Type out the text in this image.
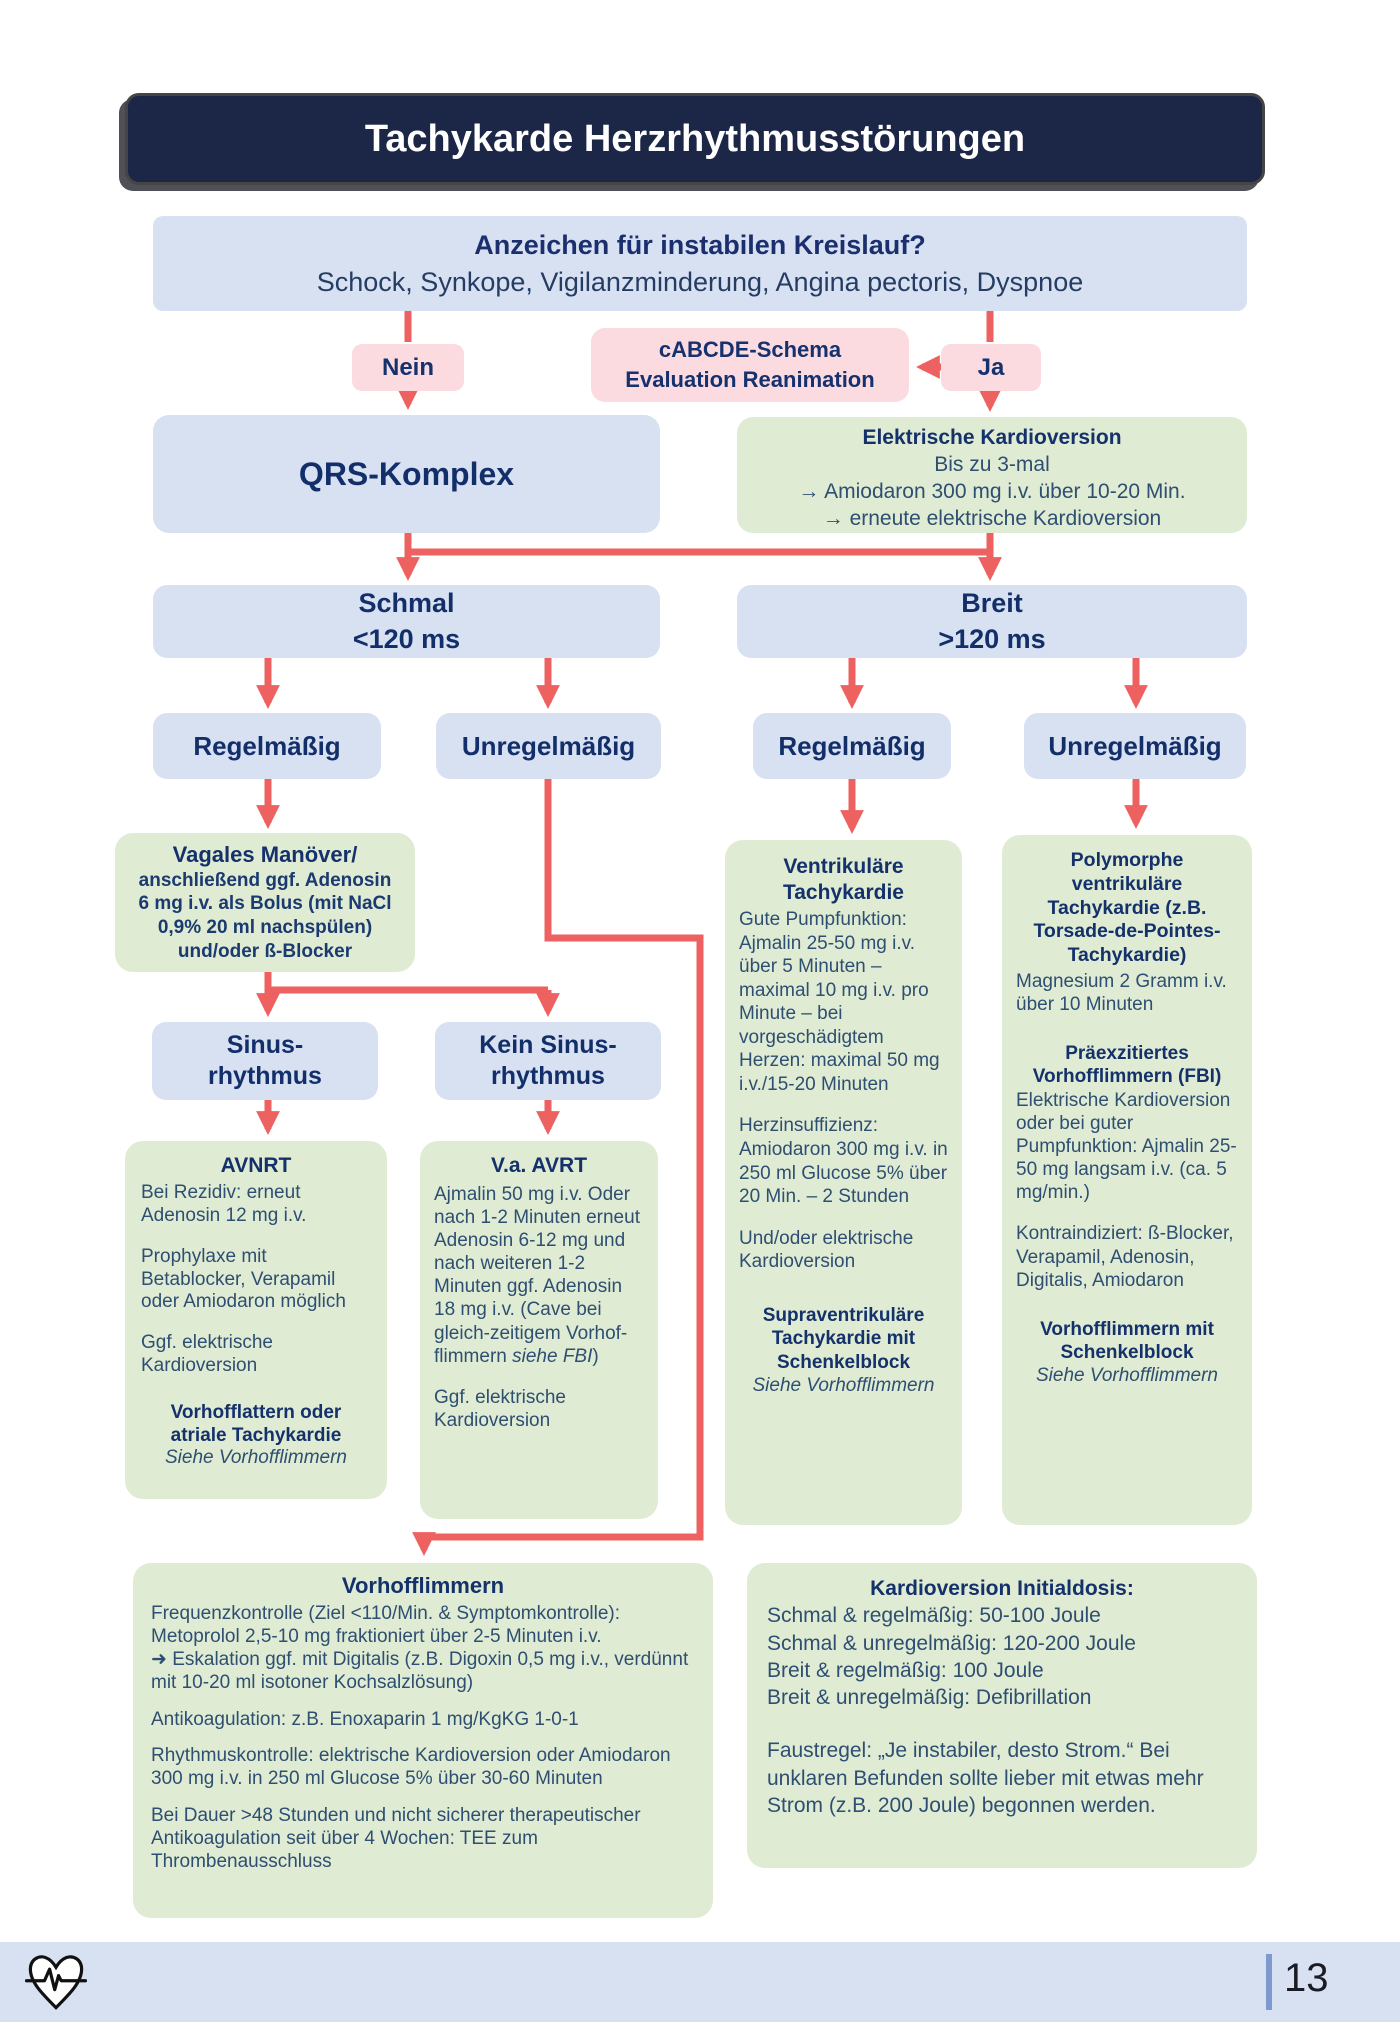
Tachykarde Herzrhythmusstörungen
Anzeichen für instabilen Kreislauf?
Schock, Synkope, Vigilanzminderung, Angina pectoris, Dyspnoe
Nein
cABCDE-Schema
Evaluation Reanimation	Ja
QRS-Komplex
Elektrische Kardioversion
Bis zu 3-mal
→ Amiodaron 300 mg i.v. über 10-20 Min.
→ erneute elektrische Kardioversion
Schmal
<120 ms
Breit
>120 ms
Regelmäßig	Unregelmäßig	Regelmäßig	Unregelmäßig
Vagales Manöver/
anschließend ggf. Adenosin
6 mg i.v. als Bolus (mit NaCl
0,9% 20 ml nachspülen)
und/oder ß-Blocker
Sinus-
rhythmus
Kein Sinus-
rhythmus
AVNRT

Bei Rezidiv: erneut Adenosin 12 mg i.v.

Prophylaxe mit Betablocker, Verapamil oder Amiodaron möglich

Ggf. elektrische Kardioversion

Vorhofflattern oder atriale Tachykardie
Siehe Vorhofflimmern
V.a. AVRT

Ajmalin 50 mg i.v. Oder nach 1-2 Minuten erneut Adenosin 6-12 mg und nach weiteren 1-2 Minuten ggf. Adenosin 18 mg i.v. (Cave bei gleich-zeitigem Vorhof-flimmern siehe FBI)

Ggf. elektrische Kardioversion

Ventrikuläre
Tachykardie

Gute Pumpfunktion: Ajmalin 25-50 mg i.v. über 5 Minuten – maximal 10 mg i.v. pro Minute – bei vorgeschädigtem Herzen: maximal 50 mg i.v./15-20 Minuten

Herzinsuffizienz: Amiodaron 300 mg i.v. in 250 ml Glucose 5% über 20 Min. – 2 Stunden

Und/oder elektrische Kardioversion

Supraventrikuläre Tachykardie mit Schenkelblock
Siehe Vorhofflimmern
Polymorphe ventrikuläre Tachykardie (z.B. Torsade-de-Pointes-Tachykardie)

Magnesium 2 Gramm i.v. über 10 Minuten

Präexzitiertes Vorhofflimmern (FBI)

Elektrische Kardioversion oder bei guter Pumpfunktion: Ajmalin 25-50 mg langsam i.v. (ca. 5 mg/min.)

Kontraindiziert: ß-Blocker, Verapamil, Adenosin, Digitalis, Amiodaron

Vorhofflimmern mit Schenkelblock
Siehe Vorhofflimmern
Vorhofflimmern

Frequenzkontrolle (Ziel <110/Min. & Symptomkontrolle): Metoprolol 2,5-10 mg fraktioniert über 2-5 Minuten i.v.

➜ Eskalation ggf. mit Digitalis (z.B. Digoxin 0,5 mg i.v., verdünnt mit 10-20 ml isotoner Kochsalzlösung)

Antikoagulation: z.B. Enoxaparin 1 mg/KgKG 1-0-1

Rhythmuskontrolle: elektrische Kardioversion oder Amiodaron 300 mg i.v. in 250 ml Glucose 5% über 30-60 Minuten

Bei Dauer >48 Stunden und nicht sicherer therapeutischer Antikoagulation seit über 4 Wochen: TEE zum Thrombenausschluss

Kardioversion Initialdosis:
Schmal & regelmäßig: 50-100 Joule
Schmal & unregelmäßig: 120-200 Joule
Breit & regelmäßig: 100 Joule
Breit & unregelmäßig: Defibrillation
Faustregel: „Je instabiler, desto Strom.“ Bei unklaren Befunden sollte lieber mit etwas mehr Strom (z.B. 200 Joule) begonnen werden.
13
